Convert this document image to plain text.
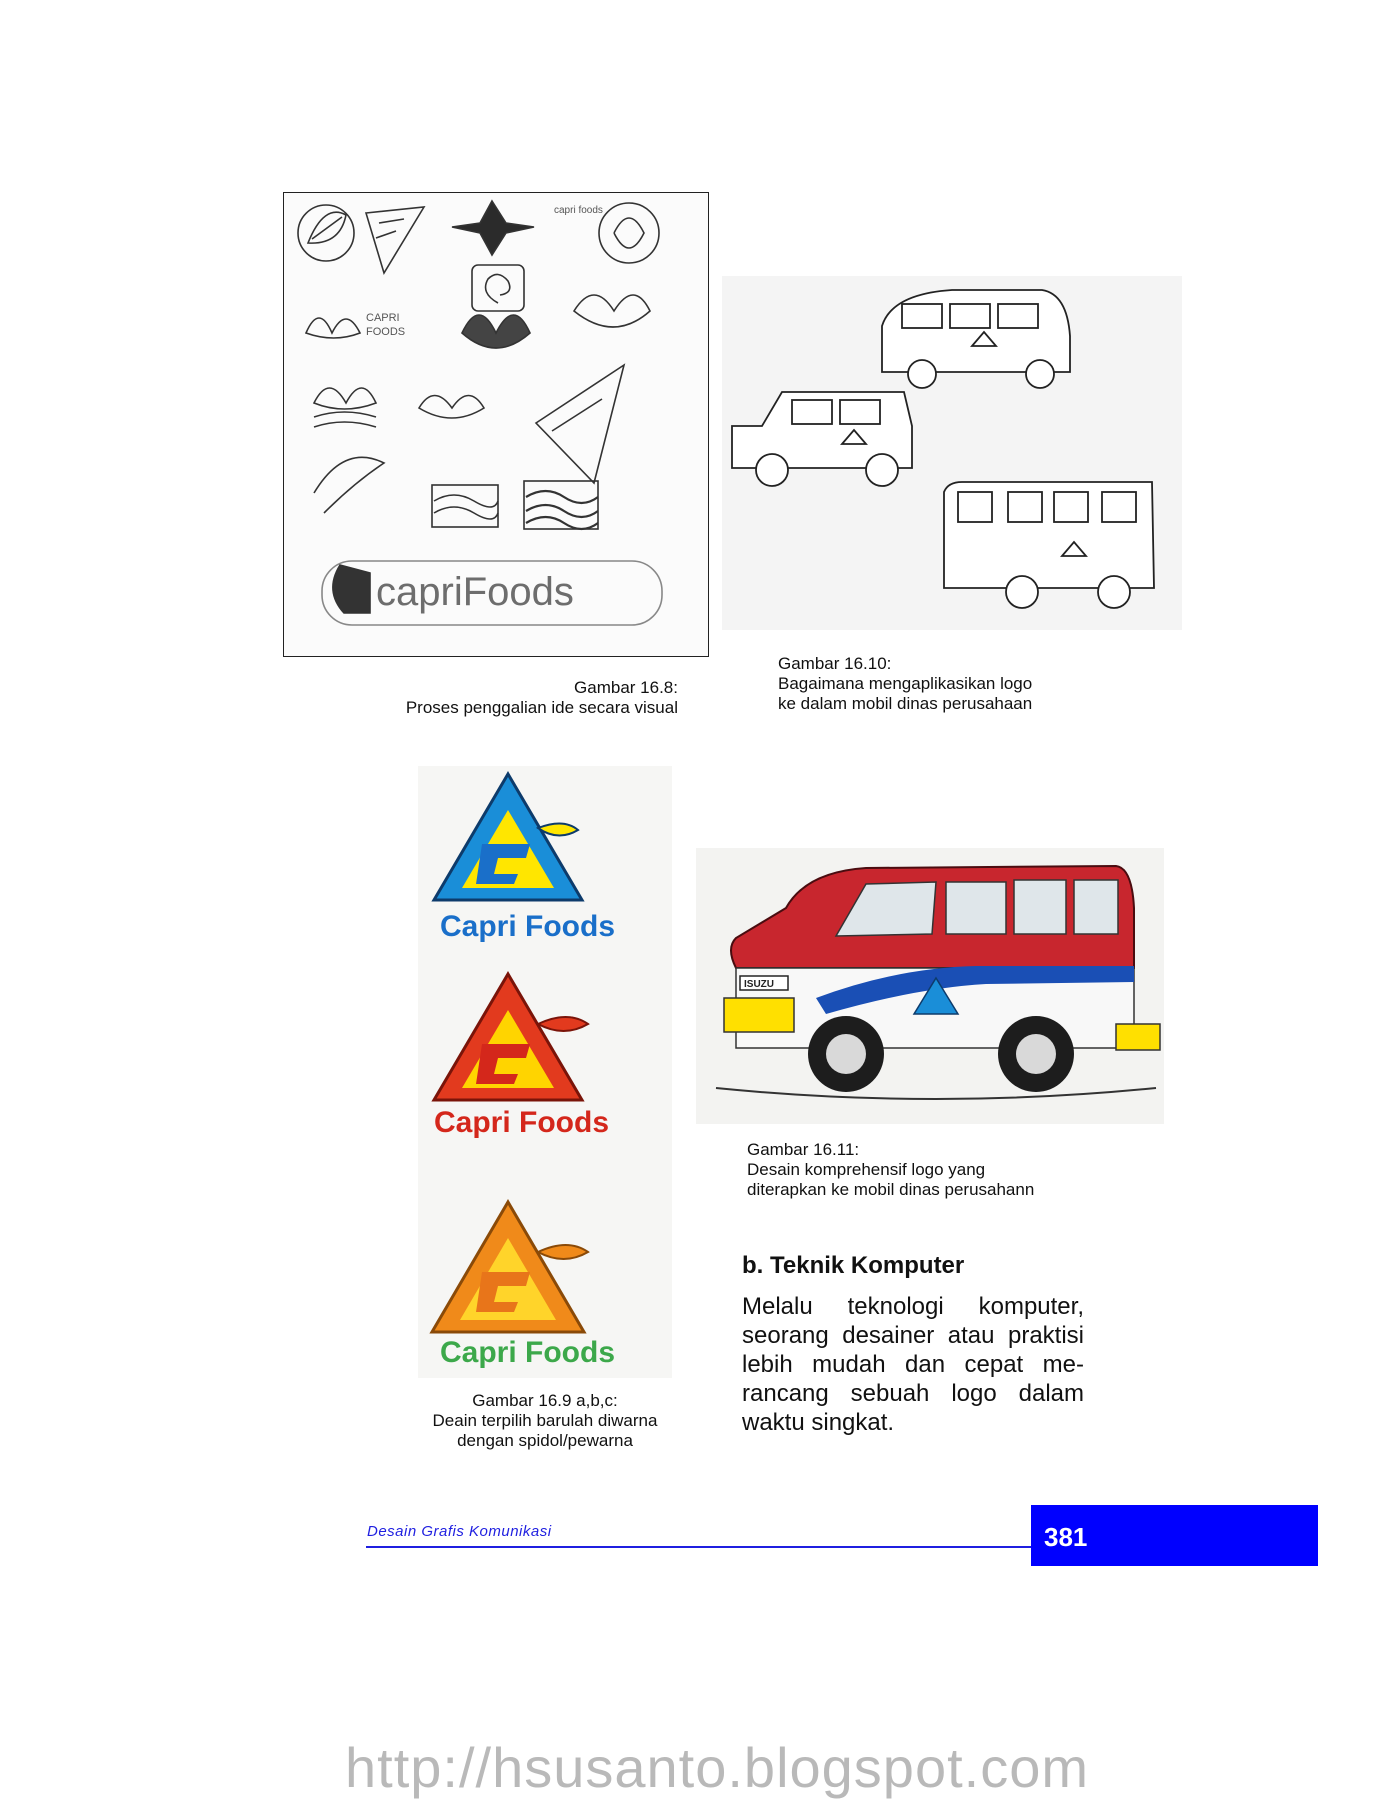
CAPRI
FOODS
capri foods
capriFoods
Gambar 16.8:
Proses penggalian ide secara visual
Gambar 16.10:
Bagaimana mengaplikasikan logo
ke dalam mobil dinas perusahaan
Capri Foods
Capri Foods
Capri Foods
Gambar 16.9 a,b,c:
Deain terpilih barulah diwarna
dengan spidol/pewarna
ISUZU
Gambar 16.11:
Desain komprehensif logo yang
diterapkan ke mobil dinas perusahann
b. Teknik Komputer
Melalu teknologi komputer, seorang desainer atau praktisi lebih mudah dan cepat me-rancang sebuah logo dalam waktu singkat.
Desain Grafis Komunikasi	381
http://hsusanto.blogspot.com
